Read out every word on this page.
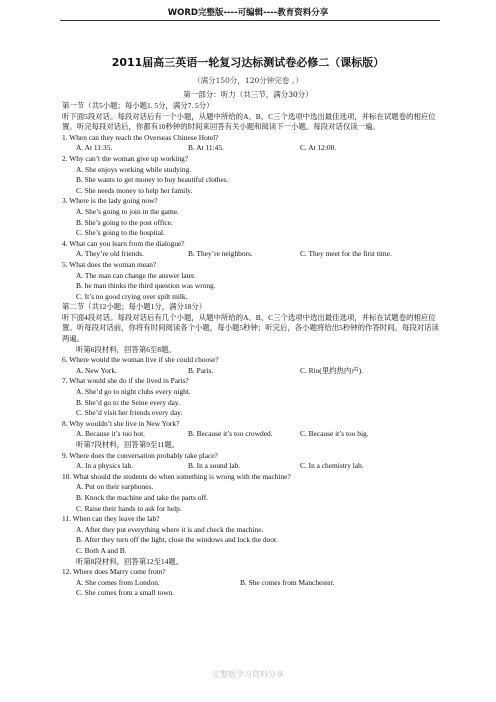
WORD完整版----可编辑----教育资料分享
2011届高三英语一轮复习达标测试卷必修二（课标版）
（满分150分，120分钟完卷 。）
第一部分：听力（共三节，满分30分）
第一节（共5小题；每小题1. 5分，满分7. 5分）
听下面5段对话。每段对话后有一个小题，从题中所给的A、B、C三个选项中选出最佳选项，并标在试题卷的相应位置。听完每段对话后，你都有10秒钟的时间来回答有关小题和阅读下一小题。每段对话仅读一遍。
1. When can they reach the Overseas Chinese Hotel?
A. At 11:35.	B. At 11:45.	C. At 12:00.
2. Why can’t the woman give up working?
A. She enjoys working while studying.
B. She wants to get money to buy beautiful clothes.
C. She needs money to help her family.
3. Where is the lady going now?
A. She’s going to join in the game.
B. She’s going to the post office.
C. She’s going to the hospital.
4. What can you learn from the dialogue?
A. They’re old friends.	B. They’re neighbors.	C. They meet for the first time.
5. What does the woman mean?
A. The man can change the answer later.
B. he man thinks the third question was wrong.
C. It’s no good crying over spilt milk.
第二节（共12小题；每小题1分，满分18分）
听下面4段对话。每段对话后有几个小题，从题中所给的A、B、C三个选项中选出最佳选项，并标在试题卷的相应位置。听每段对话前，你将有时间阅读各个小题，每小题5秒钟；听完后，各小题将给出5秒钟的作答时间。每段对话读两遍。
听第6段材料，回答第6至8题。
6. Where would the woman live if she could choose?
A. New York.	B. Paris.	C. Rio(里约热内卢).
7. What would she do if she lived in Paris?
A. She’d go to night clubs every night.
B. She’d go to the Seine every day.
C. She’d visit her friends every day.
8. Why wouldn’t she live in New York?
A. Because it’s too hot.	B. Because it’s too crowded.	C. Because it’s too big.
听第7段材料，回答第9至11题。
9. Where does the conversation probably take place?
A. In a physics lab.	B. In a sound lab.	C. In a chemistry lab.
10. What should the students do when something is wrong with the machine?
A. Put on their earphones.
B. Knock the machine and take the parts off.
C. Raise their hands to ask for help.
11. When can they leave the lab?
A. After they put everything where it is and check the machine.
B. After they turn off the light, close the windows and lock the door.
C. Both A and B.
听第8段材料，回答第12至14题。
12. Where does Marry come from?
A. She comes from London.	B. She comes from Manchester.
C. She comes from a small town.
完整版学习资料分享
